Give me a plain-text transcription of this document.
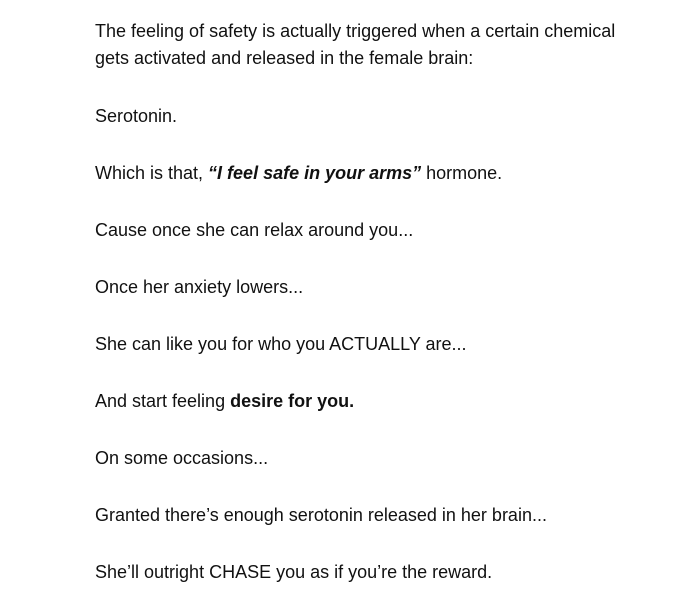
The feeling of safety is actually triggered when a certain chemical
gets activated and released in the female brain:

Serotonin.

Which is that, “I feel safe in your arms” hormone.

Cause once she can relax around you...

Once her anxiety lowers...

She can like you for who you ACTUALLY are...

And start feeling desire for you.

On some occasions...

Granted there’s enough serotonin released in her brain...

She’ll outright CHASE you as if you’re the reward.
